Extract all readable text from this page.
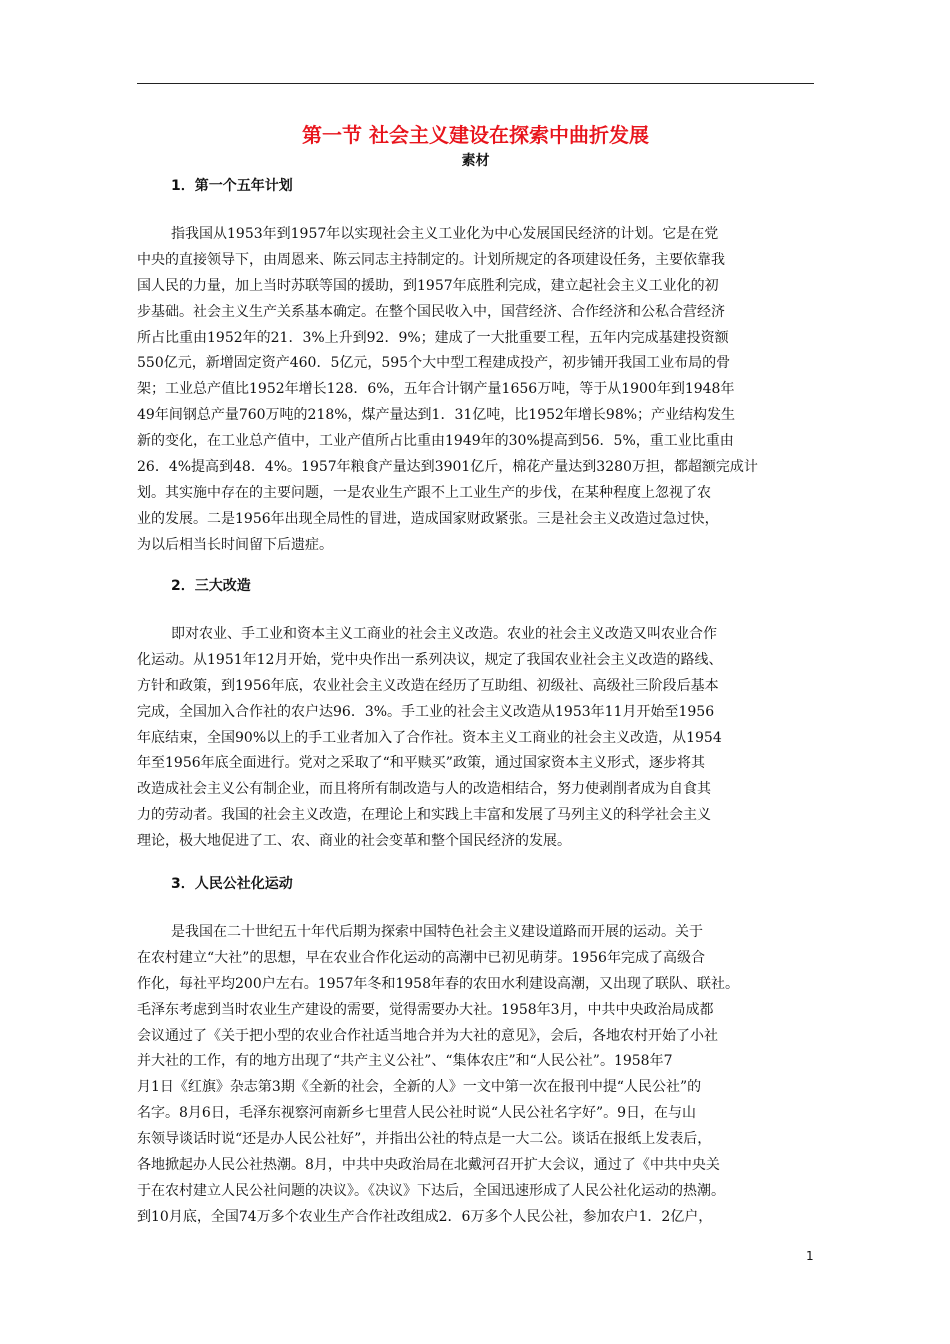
第一节 社会主义建设在探索中曲折发展
素材
1．第一个五年计划
指我国从1953年到1957年以实现社会主义工业化为中心发展国民经济的计划。它是在党
中央的直接领导下，由周恩来、陈云同志主持制定的。计划所规定的各项建设任务，主要依靠我
国人民的力量，加上当时苏联等国的援助，到1957年底胜利完成，建立起社会主义工业化的初
步基础。社会主义生产关系基本确定。在整个国民收入中，国营经济、合作经济和公私合营经济
所占比重由1952年的21．3%上升到92．9%；建成了一大批重要工程，五年内完成基建投资额
550亿元，新增固定资产460．5亿元，595个大中型工程建成投产，初步铺开我国工业布局的骨
架；工业总产值比1952年增长128．6%，五年合计钢产量1656万吨，等于从1900年到1948年
49年间钢总产量760万吨的218%，煤产量达到1．31亿吨，比1952年增长98%；产业结构发生
新的变化，在工业总产值中，工业产值所占比重由1949年的30%提高到56．5%，重工业比重由
26．4%提高到48．4%。1957年粮食产量达到3901亿斤，棉花产量达到3280万担，都超额完成计
划。其实施中存在的主要问题，一是农业生产跟不上工业生产的步伐，在某种程度上忽视了农
业的发展。二是1956年出现全局性的冒进，造成国家财政紧张。三是社会主义改造过急过快，
为以后相当长时间留下后遗症。
2．三大改造
即对农业、手工业和资本主义工商业的社会主义改造。农业的社会主义改造又叫农业合作
化运动。从1951年12月开始，党中央作出一系列决议，规定了我国农业社会主义改造的路线、
方针和政策，到1956年底，农业社会主义改造在经历了互助组、初级社、高级社三阶段后基本
完成，全国加入合作社的农户达96．3%。手工业的社会主义改造从1953年11月开始至1956
年底结束，全国90%以上的手工业者加入了合作社。资本主义工商业的社会主义改造，从1954
年至1956年底全面进行。党对之采取了“和平赎买”政策，通过国家资本主义形式，逐步将其
改造成社会主义公有制企业，而且将所有制改造与人的改造相结合，努力使剥削者成为自食其
力的劳动者。我国的社会主义改造，在理论上和实践上丰富和发展了马列主义的科学社会主义
理论，极大地促进了工、农、商业的社会变革和整个国民经济的发展。
3．人民公社化运动
是我国在二十世纪五十年代后期为探索中国特色社会主义建设道路而开展的运动。关于
在农村建立“大社”的思想，早在农业合作化运动的高潮中已初见萌芽。1956年完成了高级合
作化，每社平均200户左右。1957年冬和1958年春的农田水利建设高潮，又出现了联队、联社。
毛泽东考虑到当时农业生产建设的需要，觉得需要办大社。1958年3月，中共中央政治局成都
会议通过了《关于把小型的农业合作社适当地合并为大社的意见》，会后，各地农村开始了小社
并大社的工作，有的地方出现了“共产主义公社”、“集体农庄”和“人民公社”。1958年7
月1日《红旗》杂志第3期《全新的社会，全新的人》一文中第一次在报刊中提“人民公社”的
名字。8月6日，毛泽东视察河南新乡七里营人民公社时说“人民公社名字好”。9日，在与山
东领导谈话时说“还是办人民公社好”，并指出公社的特点是一大二公。谈话在报纸上发表后，
各地掀起办人民公社热潮。8月，中共中央政治局在北戴河召开扩大会议，通过了《中共中央关
于在农村建立人民公社问题的决议》。《决议》下达后，全国迅速形成了人民公社化运动的热潮。
到10月底，全国74万多个农业生产合作社改组成2．6万多个人民公社，参加农户1．2亿户，
1
